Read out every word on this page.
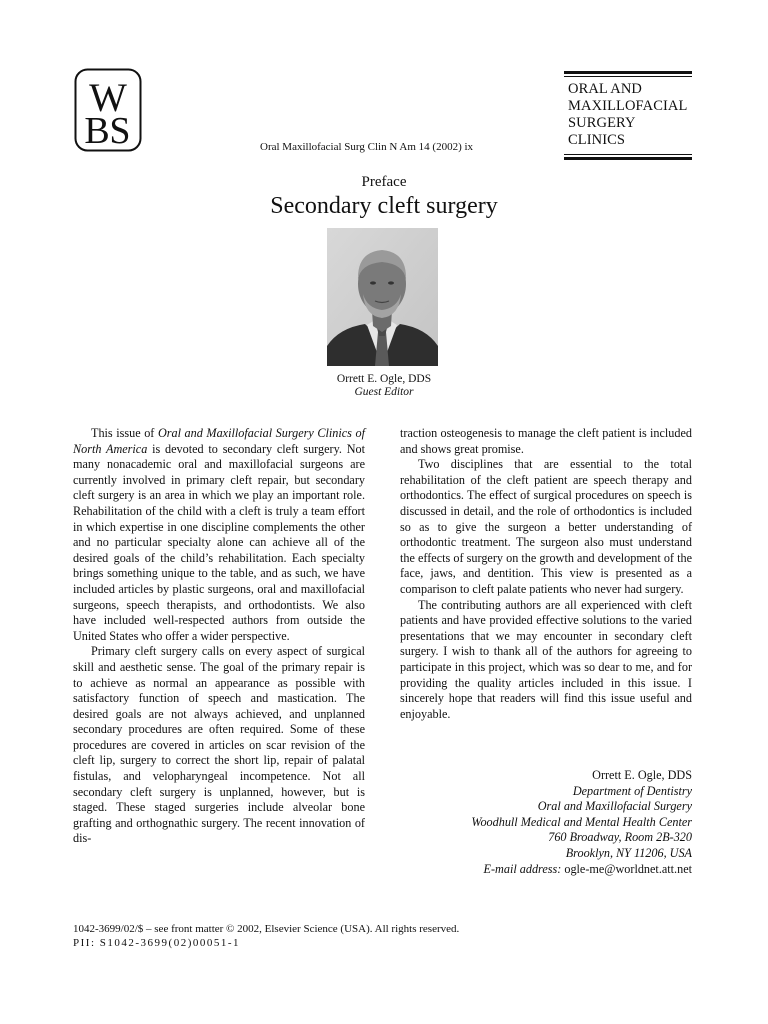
W
B S
ORAL AND
MAXILLOFACIAL
SURGERY
CLINICS
Oral Maxillofacial Surg Clin N Am 14 (2002) ix
Preface
Secondary cleft surgery
Orrett E. Ogle, DDS
Guest Editor

This issue of Oral and Maxillofacial Surgery Clinics of North America is devoted to secondary cleft surgery. Not many nonacademic oral and maxillofacial surgeons are currently involved in primary cleft repair, but secondary cleft surgery is an area in which we play an important role. Rehabilitation of the child with a cleft is truly a team effort in which expertise in one discipline complements the other and no particular specialty alone can achieve all of the desired goals of the child’s rehabilitation. Each specialty brings something unique to the table, and as such, we have included articles by plastic surgeons, oral and maxillofacial surgeons, speech therapists, and orthodontists. We also have included well-respected authors from outside the United States who offer a wider perspective.

Primary cleft surgery calls on every aspect of surgical skill and aesthetic sense. The goal of the primary repair is to achieve as normal an appearance as possible with satisfactory function of speech and mastication. The desired goals are not always achieved, and unplanned secondary procedures are often required. Some of these procedures are covered in articles on scar revision of the cleft lip, surgery to correct the short lip, repair of palatal fistulas, and velopharyngeal incompetence. Not all secondary cleft surgery is unplanned, however, but is staged. These staged surgeries include alveolar bone grafting and orthognathic surgery. The recent innovation of dis-

traction osteogenesis to manage the cleft patient is included and shows great promise.

Two disciplines that are essential to the total rehabilitation of the cleft patient are speech therapy and orthodontics. The effect of surgical procedures on speech is discussed in detail, and the role of orthodontics is included so as to give the surgeon a better understanding of orthodontic treatment. The surgeon also must understand the effects of surgery on the growth and development of the face, jaws, and dentition. This view is presented as a comparison to cleft palate patients who never had surgery.

The contributing authors are all experienced with cleft patients and have provided effective solutions to the varied presentations that we may encounter in secondary cleft surgery. I wish to thank all of the authors for agreeing to participate in this project, which was so dear to me, and for providing the quality articles included in this issue. I sincerely hope that readers will find this issue useful and enjoyable.

Orrett E. Ogle, DDS
Department of Dentistry
Oral and Maxillofacial Surgery
Woodhull Medical and Mental Health Center
760 Broadway, Room 2B-320
Brooklyn, NY 11206, USA
E-mail address: ogle-me@worldnet.att.net
1042-3699/02/$ – see front matter © 2002, Elsevier Science (USA). All rights reserved.
PII: S1042-3699(02)00051-1
